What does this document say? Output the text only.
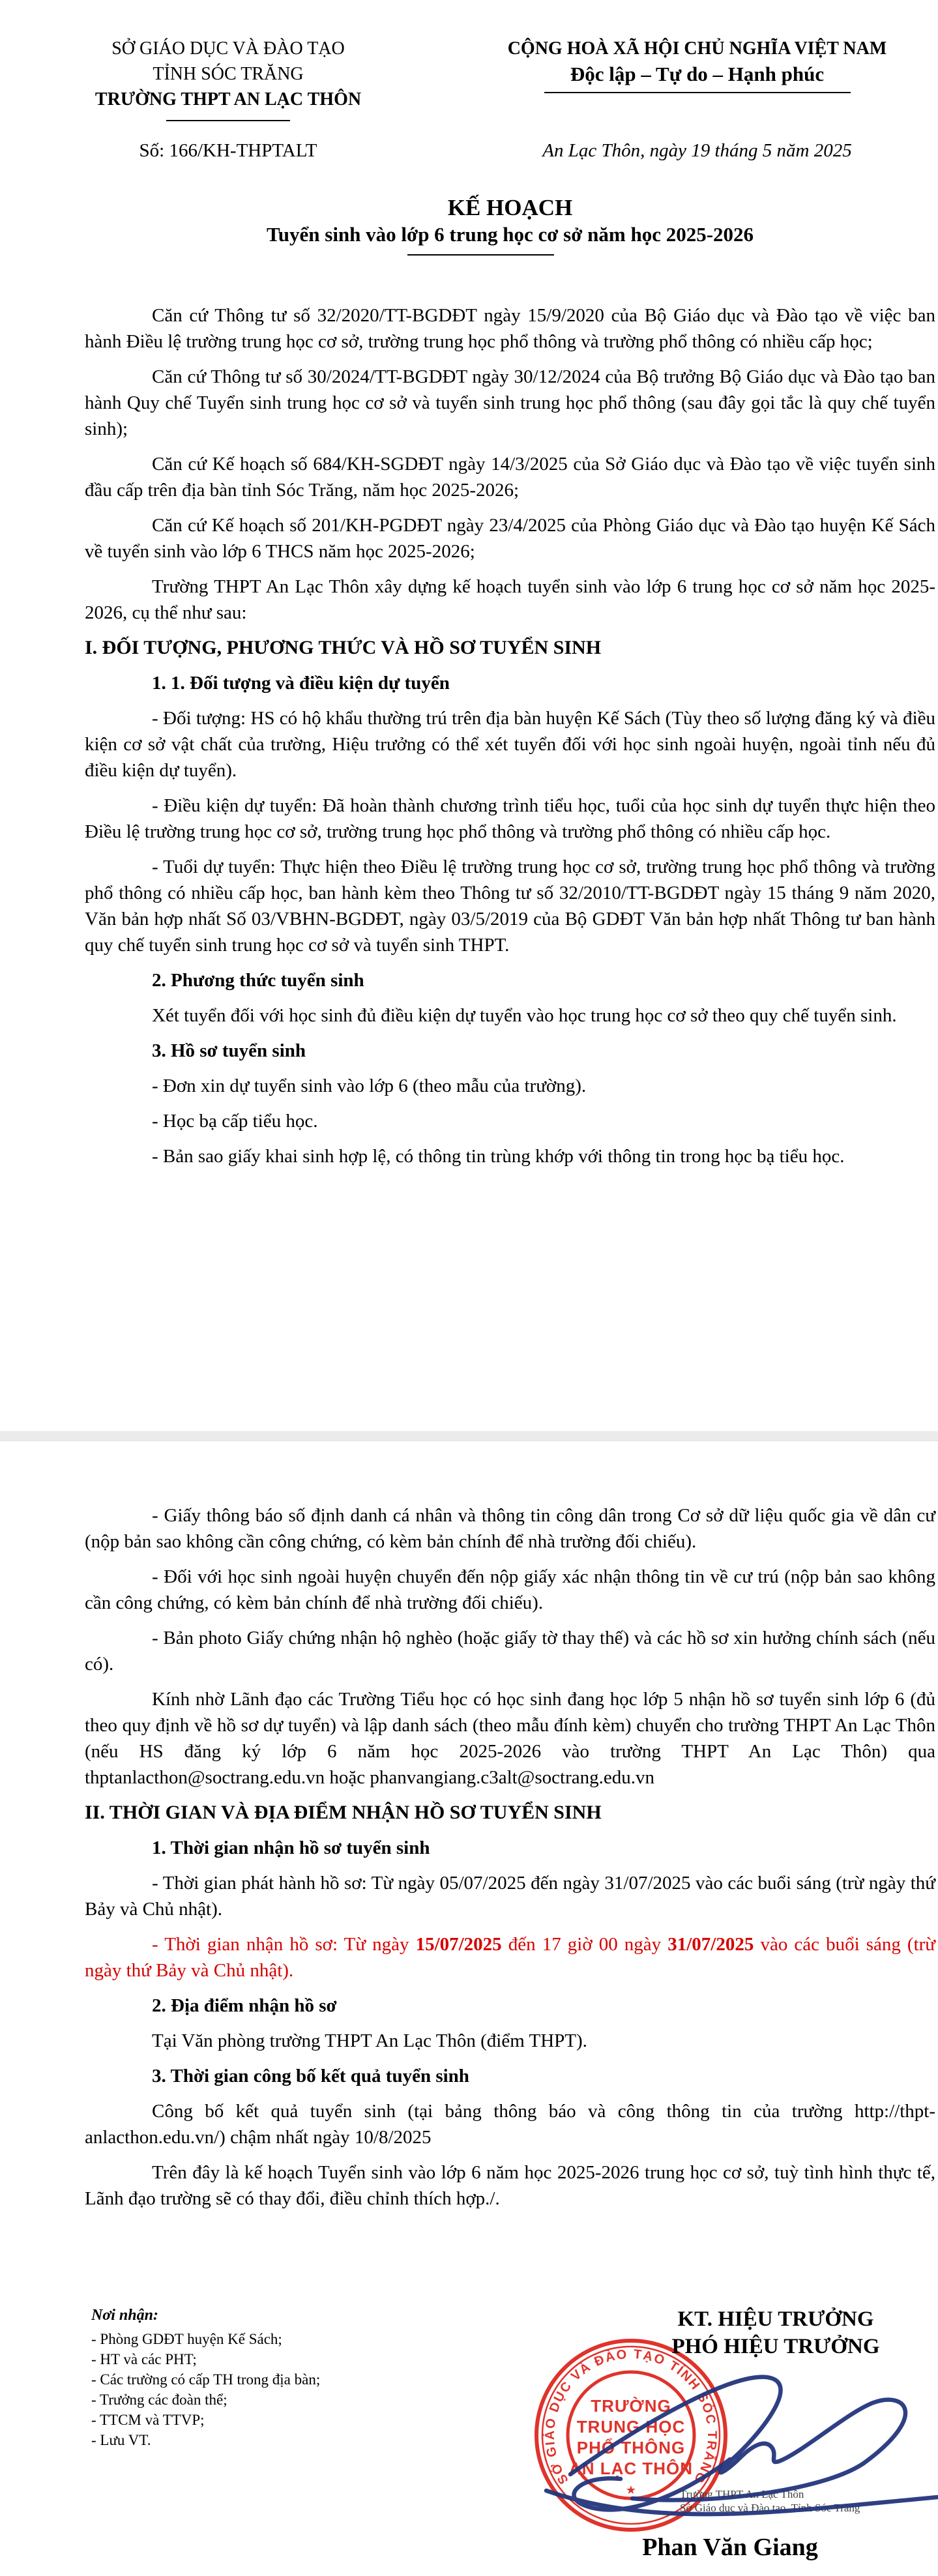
SỞ GIÁO DỤC VÀ ĐÀO TẠO
TỈNH SÓC TRĂNG
TRƯỜNG THPT AN LẠC THÔN
CỘNG HOÀ XÃ HỘI CHỦ NGHĨA VIỆT NAM
Độc lập – Tự do – Hạnh phúc
Số: 166/KH-THPTALT	An Lạc Thôn, ngày 19 tháng 5 năm 2025
KẾ HOẠCH
Tuyển sinh vào lớp 6 trung học cơ sở năm học 2025-2026

Căn cứ Thông tư số 32/2020/TT-BGDĐT ngày 15/9/2020 của Bộ Giáo dục và Đào tạo về việc ban hành Điều lệ trường trung học cơ sở, trường trung học phổ thông và trường phổ thông có nhiều cấp học;

Căn cứ Thông tư số 30/2024/TT-BGDĐT ngày 30/12/2024 của Bộ trưởng Bộ Giáo dục và Đào tạo ban hành Quy chế Tuyển sinh trung học cơ sở và tuyển sinh trung học phổ thông (sau đây gọi tắc là quy chế tuyển sinh);

Căn cứ Kế hoạch số 684/KH-SGDĐT ngày 14/3/2025 của Sở Giáo dục và Đào tạo về việc tuyển sinh đầu cấp trên địa bàn tỉnh Sóc Trăng, năm học 2025-2026;

Căn cứ Kế hoạch số 201/KH-PGDĐT ngày 23/4/2025 của Phòng Giáo dục và Đào tạo huyện Kế Sách về tuyển sinh vào lớp 6 THCS năm học 2025-2026;

Trường THPT An Lạc Thôn xây dựng kế hoạch tuyển sinh vào lớp 6 trung học cơ sở năm học 2025-2026, cụ thể như sau:

I. ĐỐI TƯỢNG, PHƯƠNG THỨC VÀ HỒ SƠ TUYỂN SINH

1. 1. Đối tượng và điều kiện dự tuyển

- Đối tượng: HS có hộ khẩu thường trú trên địa bàn huyện Kế Sách (Tùy theo số lượng đăng ký và điều kiện cơ sở vật chất của trường, Hiệu trưởng có thể xét tuyển đối với học sinh ngoài huyện, ngoài tỉnh nếu đủ điều kiện dự tuyển).

- Điều kiện dự tuyển: Đã hoàn thành chương trình tiểu học, tuổi của học sinh dự tuyển thực hiện theo Điều lệ trường trung học cơ sở, trường trung học phổ thông và trường phổ thông có nhiều cấp học.

- Tuổi dự tuyển: Thực hiện theo Điều lệ trường trung học cơ sở, trường trung học phổ thông và trường phổ thông có nhiều cấp học, ban hành kèm theo Thông tư số 32/2010/TT-BGDĐT ngày 15 tháng 9 năm 2020, Văn bản hợp nhất Số 03/VBHN-BGDĐT, ngày 03/5/2019 của Bộ GDĐT Văn bản hợp nhất Thông tư ban hành quy chế tuyển sinh trung học cơ sở và tuyển sinh THPT.

2. Phương thức tuyển sinh

Xét tuyển đối với học sinh đủ điều kiện dự tuyển vào học trung học cơ sở theo quy chế tuyển sinh.

3. Hồ sơ tuyển sinh

- Đơn xin dự tuyển sinh vào lớp 6 (theo mẫu của trường).

- Học bạ cấp tiểu học.

- Bản sao giấy khai sinh hợp lệ, có thông tin trùng khớp với thông tin trong học bạ tiểu học.

- Giấy thông báo số định danh cá nhân và thông tin công dân trong Cơ sở dữ liệu quốc gia về dân cư (nộp bản sao không cần công chứng, có kèm bản chính để nhà trường đối chiếu).

- Đối với học sinh ngoài huyện chuyển đến nộp giấy xác nhận thông tin về cư trú (nộp bản sao không cần công chứng, có kèm bản chính để nhà trường đối chiếu).

- Bản photo Giấy chứng nhận hộ nghèo (hoặc giấy tờ thay thế) và các hồ sơ xin hưởng chính sách (nếu có).

Kính nhờ Lãnh đạo các Trường Tiểu học có học sinh đang học lớp 5 nhận hồ sơ tuyển sinh lớp 6 (đủ theo quy định về hồ sơ dự tuyển) và lập danh sách (theo mẫu đính kèm) chuyển cho trường THPT An Lạc Thôn (nếu HS đăng ký lớp 6 năm học 2025-2026 vào trường THPT An Lạc Thôn) qua thptanlacthon@soctrang.edu.vn hoặc phanvangiang.c3alt@soctrang.edu.vn

II. THỜI GIAN VÀ ĐỊA ĐIỂM NHẬN HỒ SƠ TUYỂN SINH

1. Thời gian nhận hồ sơ tuyển sinh

- Thời gian phát hành hồ sơ: Từ ngày 05/07/2025 đến ngày 31/07/2025 vào các buổi sáng (trừ ngày thứ Bảy và Chủ nhật).

- Thời gian nhận hồ sơ: Từ ngày 15/07/2025 đến 17 giờ 00 ngày 31/07/2025 vào các buổi sáng (trừ ngày thứ Bảy và Chủ nhật).

2. Địa điểm nhận hồ sơ

Tại Văn phòng trường THPT An Lạc Thôn (điểm THPT).

3. Thời gian công bố kết quả tuyển sinh

Công bố kết quả tuyển sinh (tại bảng thông báo và công thông tin của trường http://thpt-anlacthon.edu.vn/) chậm nhất ngày 10/8/2025

Trên đây là kế hoạch Tuyển sinh vào lớp 6 năm học 2025-2026 trung học cơ sở, tuỳ tình hình thực tế, Lãnh đạo trường sẽ có thay đổi, điều chỉnh thích hợp./.

Nơi nhận:
- Phòng GDĐT huyện Kế Sách;
- HT và các PHT;
- Các trường có cấp TH trong địa bàn;
- Trưởng các đoàn thể;
- TTCM và TTVP;
- Lưu VT.
KT. HIỆU TRƯỞNG
PHÓ HIỆU TRƯỞNG
SỞ GIÁO DỤC VÀ ĐÀO TẠO TỈNH SÓC TRĂNG
TRƯỜNG
TRUNG HỌC
PHỔ THÔNG
AN LẠC THÔN
★	Trường THPT An Lạc Thôn
Sở Giáo dục và Đào tạo, Tỉnh Sóc Trăng
Phan Văn Giang
